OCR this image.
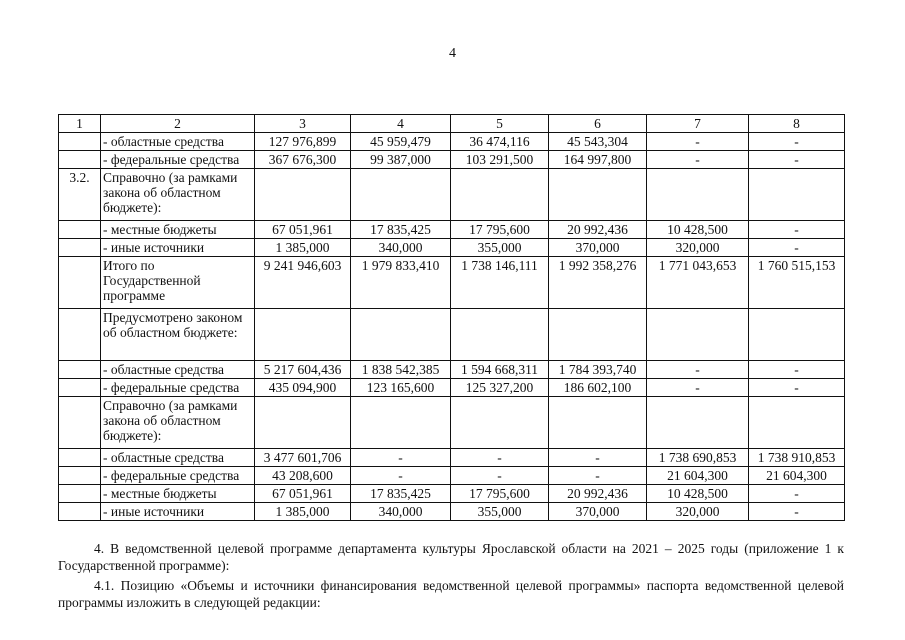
4
1	2	3	4	5	6	7	8
	- областные средства	127 976,899	45 959,479	36 474,116	45 543,304	-	-
	- федеральные средства	367 676,300	99 387,000	103 291,500	164 997,800	-	-
3.2.	Справочно (за рамками закона об областном бюджете):						
	- местные бюджеты	67 051,961	17 835,425	17 795,600	20 992,436	10 428,500	-
	- иные источники	1 385,000	340,000	355,000	370,000	320,000	-
	Итого по Государственной программе	9 241 946,603	1 979 833,410	1 738 146,111	1 992 358,276	1 771 043,653	1 760 515,153
	Предусмотрено законом об областном бюджете:						
	- областные средства	5 217 604,436	1 838 542,385	1 594 668,311	1 784 393,740	-	-
	- федеральные средства	435 094,900	123 165,600	125 327,200	186 602,100	-	-
	Справочно (за рамками закона об областном бюджете):						
	- областные средства	3 477 601,706	-	-	-	1 738 690,853	1 738 910,853
	- федеральные средства	43 208,600	-	-	-	21 604,300	21 604,300
	- местные бюджеты	67 051,961	17 835,425	17 795,600	20 992,436	10 428,500	-
	- иные источники	1 385,000	340,000	355,000	370,000	320,000	-
4. В ведомственной целевой программе департамента культуры Ярославской области на 2021 – 2025 годы (приложение 1 к Государственной программе):
4.1. Позицию «Объемы и источники финансирования ведомственной целевой программы» паспорта ведомственной целевой программы изложить в следующей редакции:
